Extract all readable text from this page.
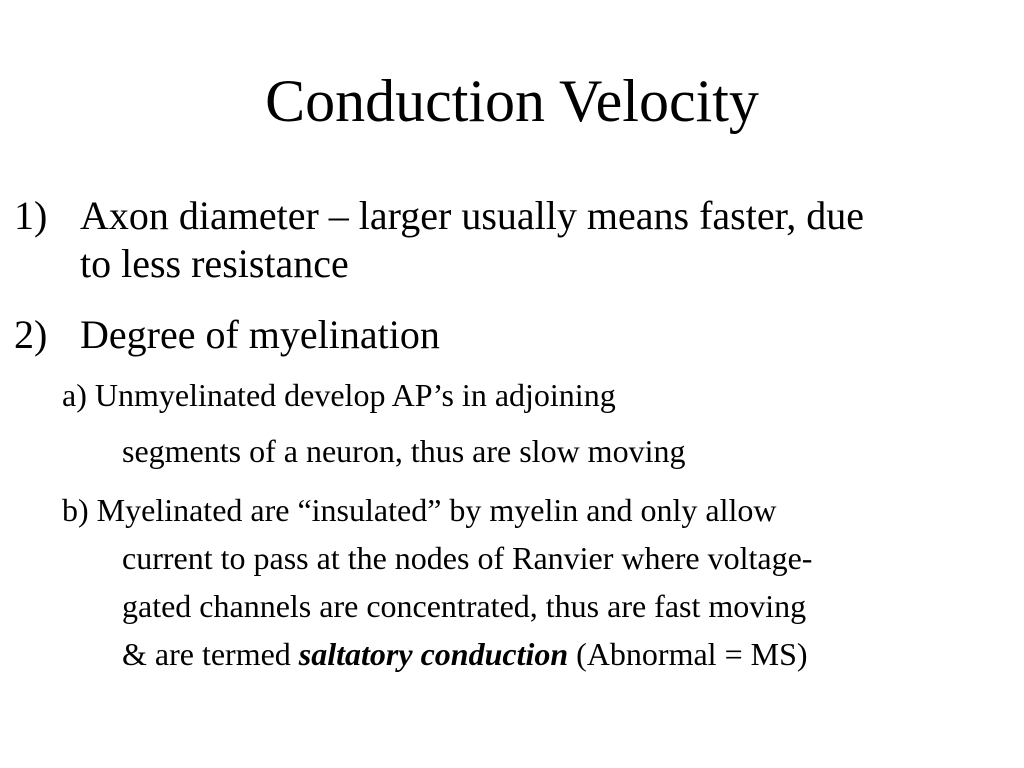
Conduction Velocity
1) Axon diameter – larger usually means faster, due
to less resistance
2) Degree of myelination
a) Unmyelinated develop AP’s in adjoining
segments of a neuron, thus are slow moving
b) Myelinated are “insulated” by myelin and only allow
current to pass at the nodes of Ranvier where voltage-
gated channels are concentrated, thus are fast moving
& are termed saltatory conduction (Abnormal = MS)
